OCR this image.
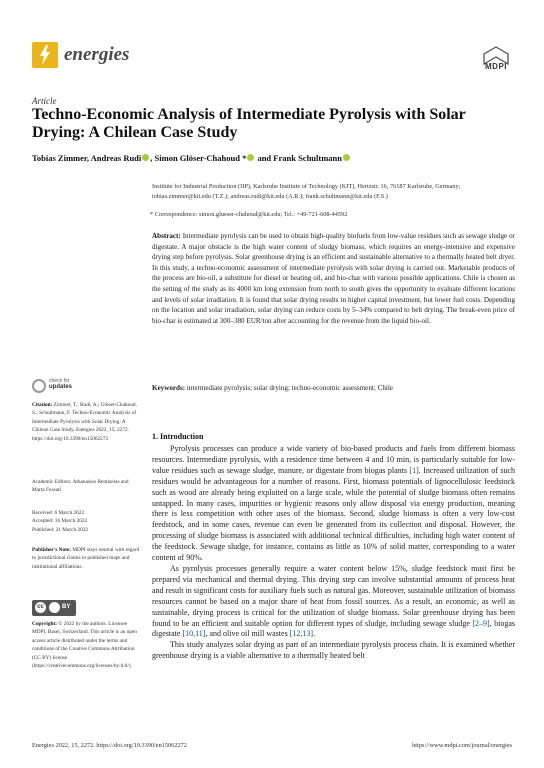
energies
MDPI
Article
Techno-Economic Analysis of Intermediate Pyrolysis with Solar Drying: A Chilean Case Study
Tobias Zimmer, Andreas Rudi , Simon Glöser-Chahoud * and Frank Schultmann
Institute for Industrial Production (IIP), Karlsruhe Institute of Technology (KIT), Hertzstr. 16, 76187 Karlsruhe, Germany; tobias.zimmer@kit.edu (T.Z.); andreas.rudi@kit.edu (A.R.); frank.schultmann@kit.edu (F.S.)
* Correspondence: simon.glueser-chahoud@kit.edu; Tel.: +49-721-608-44592
Abstract: Intermediate pyrolysis can be used to obtain high-quality biofuels from low-value residues such as sewage sludge or digestate. A major obstacle is the high water content of sludgy biomass, which requires an energy-intensive and expensive drying step before pyrolysis. Solar greenhouse drying is an efficient and sustainable alternative to a thermally heated belt dryer. In this study, a techno-economic assessment of intermediate pyrolysis with solar drying is carried out. Marketable products of the process are bio-oil, a substitute for diesel or heating oil, and bio-char with various possible applications. Chile is chosen as the setting of the study as its 4000 km long extension from north to south gives the opportunity to evaluate different locations and levels of solar irradiation. It is found that solar drying results in higher capital investment, but lower fuel costs. Depending on the location and solar irradiation, solar drying can reduce costs by 5–34% compared to belt drying. The break-even price of bio-char is estimated at 300–380 EUR/ton after accounting for the revenue from the liquid bio-oil.
Keywords: intermediate pyrolysis; solar drying; techno-economic assessment; Chile
check for
updates
Citation: Zimmer, T.; Rudi, A.; Glöser-Chahoud, S.; Schultmann, F. Techno-Economic Analysis of Intermediate Pyrolysis with Solar Drying: A Chilean Case Study. Energies 2022, 15, 2272. https://doi.org/10.3390/en15062272
Academic Editors: Athanasios Rentizelas and Marta Fossati
Received: 6 March 2022
Accepted: 16 March 2022
Published: 21 March 2022
Publisher's Note: MDPI stays neutral with regard to jurisdictional claims in published maps and institutional affiliations.
cc	BY
Copyright: © 2022 by the authors. Licensee MDPI, Basel, Switzerland. This article is an open access article distributed under the terms and conditions of the Creative Commons Attribution (CC BY) license (https://creativecommons.org/licenses/by/4.0/).
1. Introduction

Pyrolysis processes can produce a wide variety of bio-based products and fuels from different biomass resources. Intermediate pyrolysis, with a residence time between 4 and 10 min, is particularly suitable for low-value residues such as sewage sludge, manure, or digestate from biogas plants [1]. Increased utilization of such residues would be advantageous for a number of reasons. First, biomass potentials of lignocellulosic feedstock such as wood are already being exploited on a large scale, while the potential of sludge biomass often remains untapped. In many cases, impurities or hygienic reasons only allow disposal via energy production, meaning there is less competition with other uses of the biomass. Second, sludge biomass is often a very low-cost feedstock, and in some cases, revenue can even be generated from its collection and disposal. However, the processing of sludge biomass is associated with additional technical difficulties, including high water content of the feedstock. Sewage sludge, for instance, contains as little as 10% of solid matter, corresponding to a water content of 90%.

As pyrolysis processes generally require a water content below 15%, sludge feedstock must first be prepared via mechanical and thermal drying. This drying step can involve substantial amounts of process heat and result in significant costs for auxiliary fuels such as natural gas. Moreover, sustainable utilization of biomass resources cannot be based on a major share of heat from fossil sources. As a result, an economic, as well as sustainable, drying process is critical for the utilization of sludge biomass. Solar greenhouse drying has been found to be an efficient and suitable option for different types of sludge, including sewage sludge [2–9], biogas digestate [10,11], and olive oil mill wastes [12,13].

This study analyzes solar drying as part of an intermediate pyrolysis process chain. It is examined whether greenhouse drying is a viable alternative to a thermally heated belt

Energies 2022, 15, 2272. https://doi.org/10.3390/en15062272	https://www.mdpi.com/journal/energies
